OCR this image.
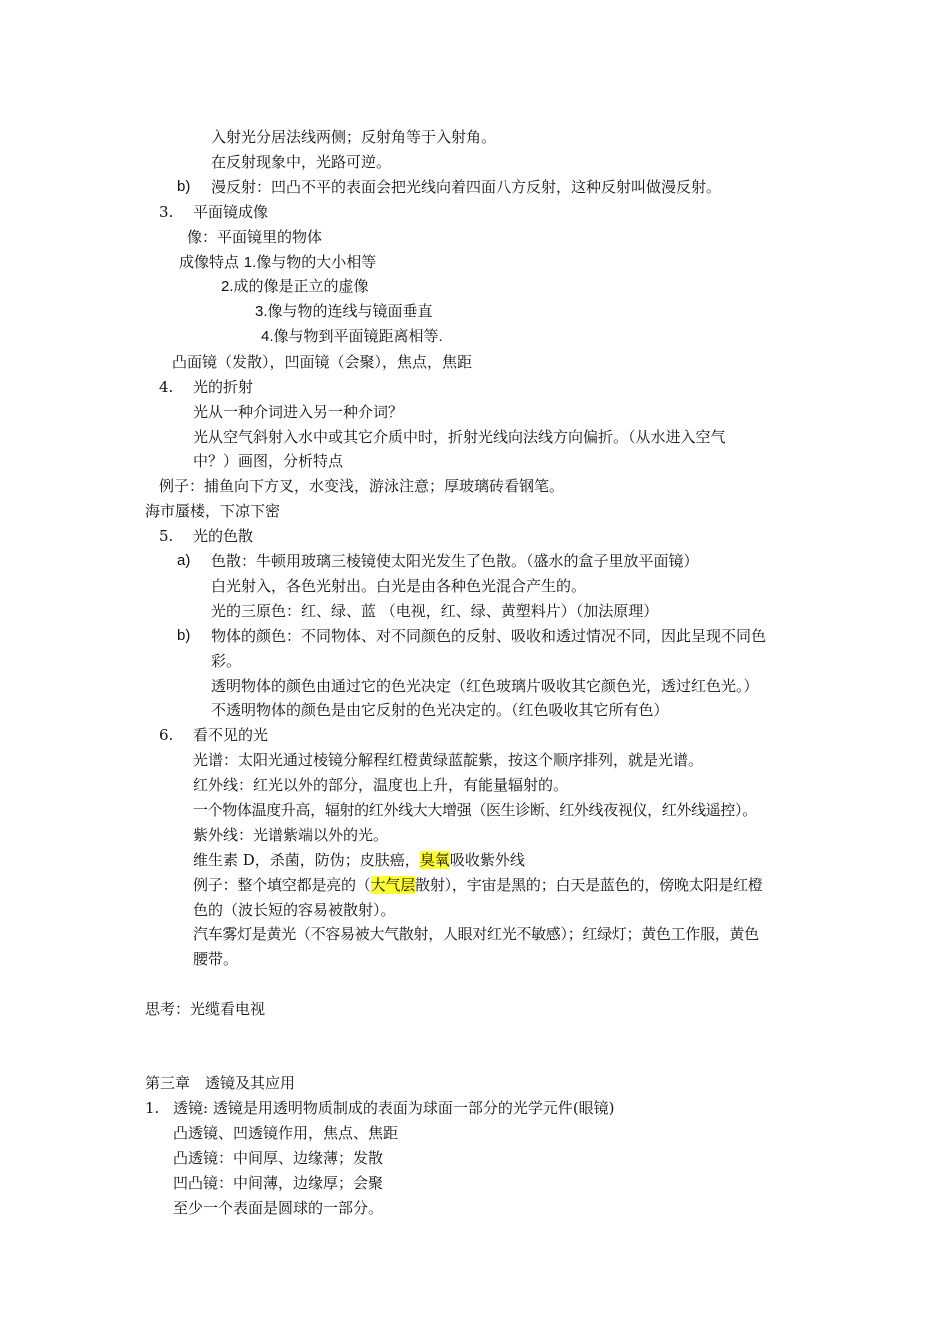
入射光分居法线两侧；反射角等于入射角。
在反射现象中，光路可逆。
b) 漫反射：凹凸不平的表面会把光线向着四面八方反射，这种反射叫做漫反射。
3. 平面镜成像
像：平面镜里的物体
成像特点 1.像与物的大小相等
2.成的像是正立的虚像
3.像与物的连线与镜面垂直
4.像与物到平面镜距离相等.
凸面镜（发散），凹面镜（会聚），焦点，焦距
4. 光的折射
光从一种介词进入另一种介词？
光从空气斜射入水中或其它介质中时，折射光线向法线方向偏折。（从水进入空气
中？）画图，分析特点
例子：捕鱼向下方叉，水变浅，游泳注意；厚玻璃砖看钢笔。
海市蜃楼，下凉下密
5. 光的色散
a) 色散：牛顿用玻璃三棱镜使太阳光发生了色散。（盛水的盒子里放平面镜）
白光射入，各色光射出。白光是由各种色光混合产生的。
光的三原色：红、绿、蓝 （电视，红、绿、黄塑料片）（加法原理）
b) 物体的颜色：不同物体、对不同颜色的反射、吸收和透过情况不同，因此呈现不同色
彩。
透明物体的颜色由通过它的色光决定（红色玻璃片吸收其它颜色光，透过红色光。）
不透明物体的颜色是由它反射的色光决定的。（红色吸收其它所有色）
6. 看不见的光
光谱：太阳光通过棱镜分解程红橙黄绿蓝靛紫，按这个顺序排列，就是光谱。
红外线：红光以外的部分，温度也上升，有能量辐射的。
一个物体温度升高，辐射的红外线大大增强（医生诊断、红外线夜视仪，红外线遥控）。
紫外线：光谱紫端以外的光。
维生素 D，杀菌，防伪；皮肤癌，臭氧吸收紫外线
例子：整个填空都是亮的（大气层散射），宇宙是黑的；白天是蓝色的，傍晚太阳是红橙
色的（波长短的容易被散射）。
汽车雾灯是黄光（不容易被大气散射，人眼对红光不敏感）；红绿灯；黄色工作服，黄色
腰带。
思考：光缆看电视
第三章　透镜及其应用
1. 透镜: 透镜是用透明物质制成的表面为球面一部分的光学元件(眼镜)
凸透镜、凹透镜作用，焦点、焦距
凸透镜：中间厚、边缘薄；发散
凹凸镜：中间薄，边缘厚；会聚
至少一个表面是圆球的一部分。
